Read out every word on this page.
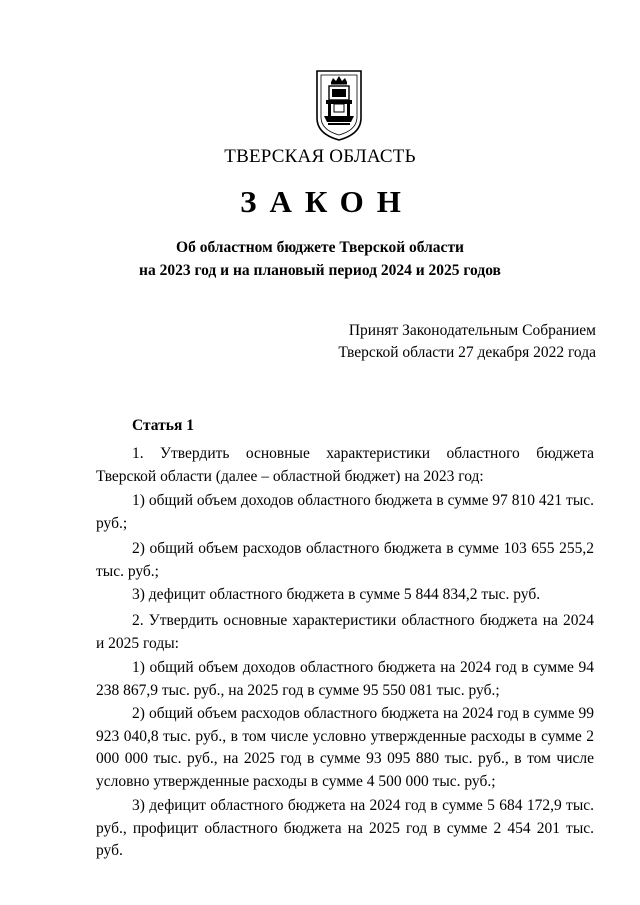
ТВЕРСКАЯ ОБЛАСТЬ
ЗАКОН
Об областном бюджете Тверской области
на 2023 год и на плановый период 2024 и 2025 годов
Принят Законодательным Собранием
Тверской области 27 декабря 2022 года
Статья 1

1. Утвердить основные характеристики областного бюджета Тверской области (далее – областной бюджет) на 2023 год:

1) общий объем доходов областного бюджета в сумме 97 810 421 тыс. руб.;

2) общий объем расходов областного бюджета в сумме 103 655 255,2 тыс. руб.;

3) дефицит областного бюджета в сумме 5 844 834,2 тыс. руб.

2. Утвердить основные характеристики областного бюджета на 2024 и 2025 годы:

1) общий объем доходов областного бюджета на 2024 год в сумме 94 238 867,9 тыс. руб., на 2025 год в сумме 95 550 081 тыс. руб.;

2) общий объем расходов областного бюджета на 2024 год в сумме 99 923 040,8 тыс. руб., в том числе условно утвержденные расходы в сумме 2 000 000 тыс. руб., на 2025 год в сумме 93 095 880 тыс. руб., в том числе условно утвержденные расходы в сумме 4 500 000 тыс. руб.;

3) дефицит областного бюджета на 2024 год в сумме 5 684 172,9 тыс. руб., профицит областного бюджета на 2025 год в сумме 2 454 201 тыс. руб.
